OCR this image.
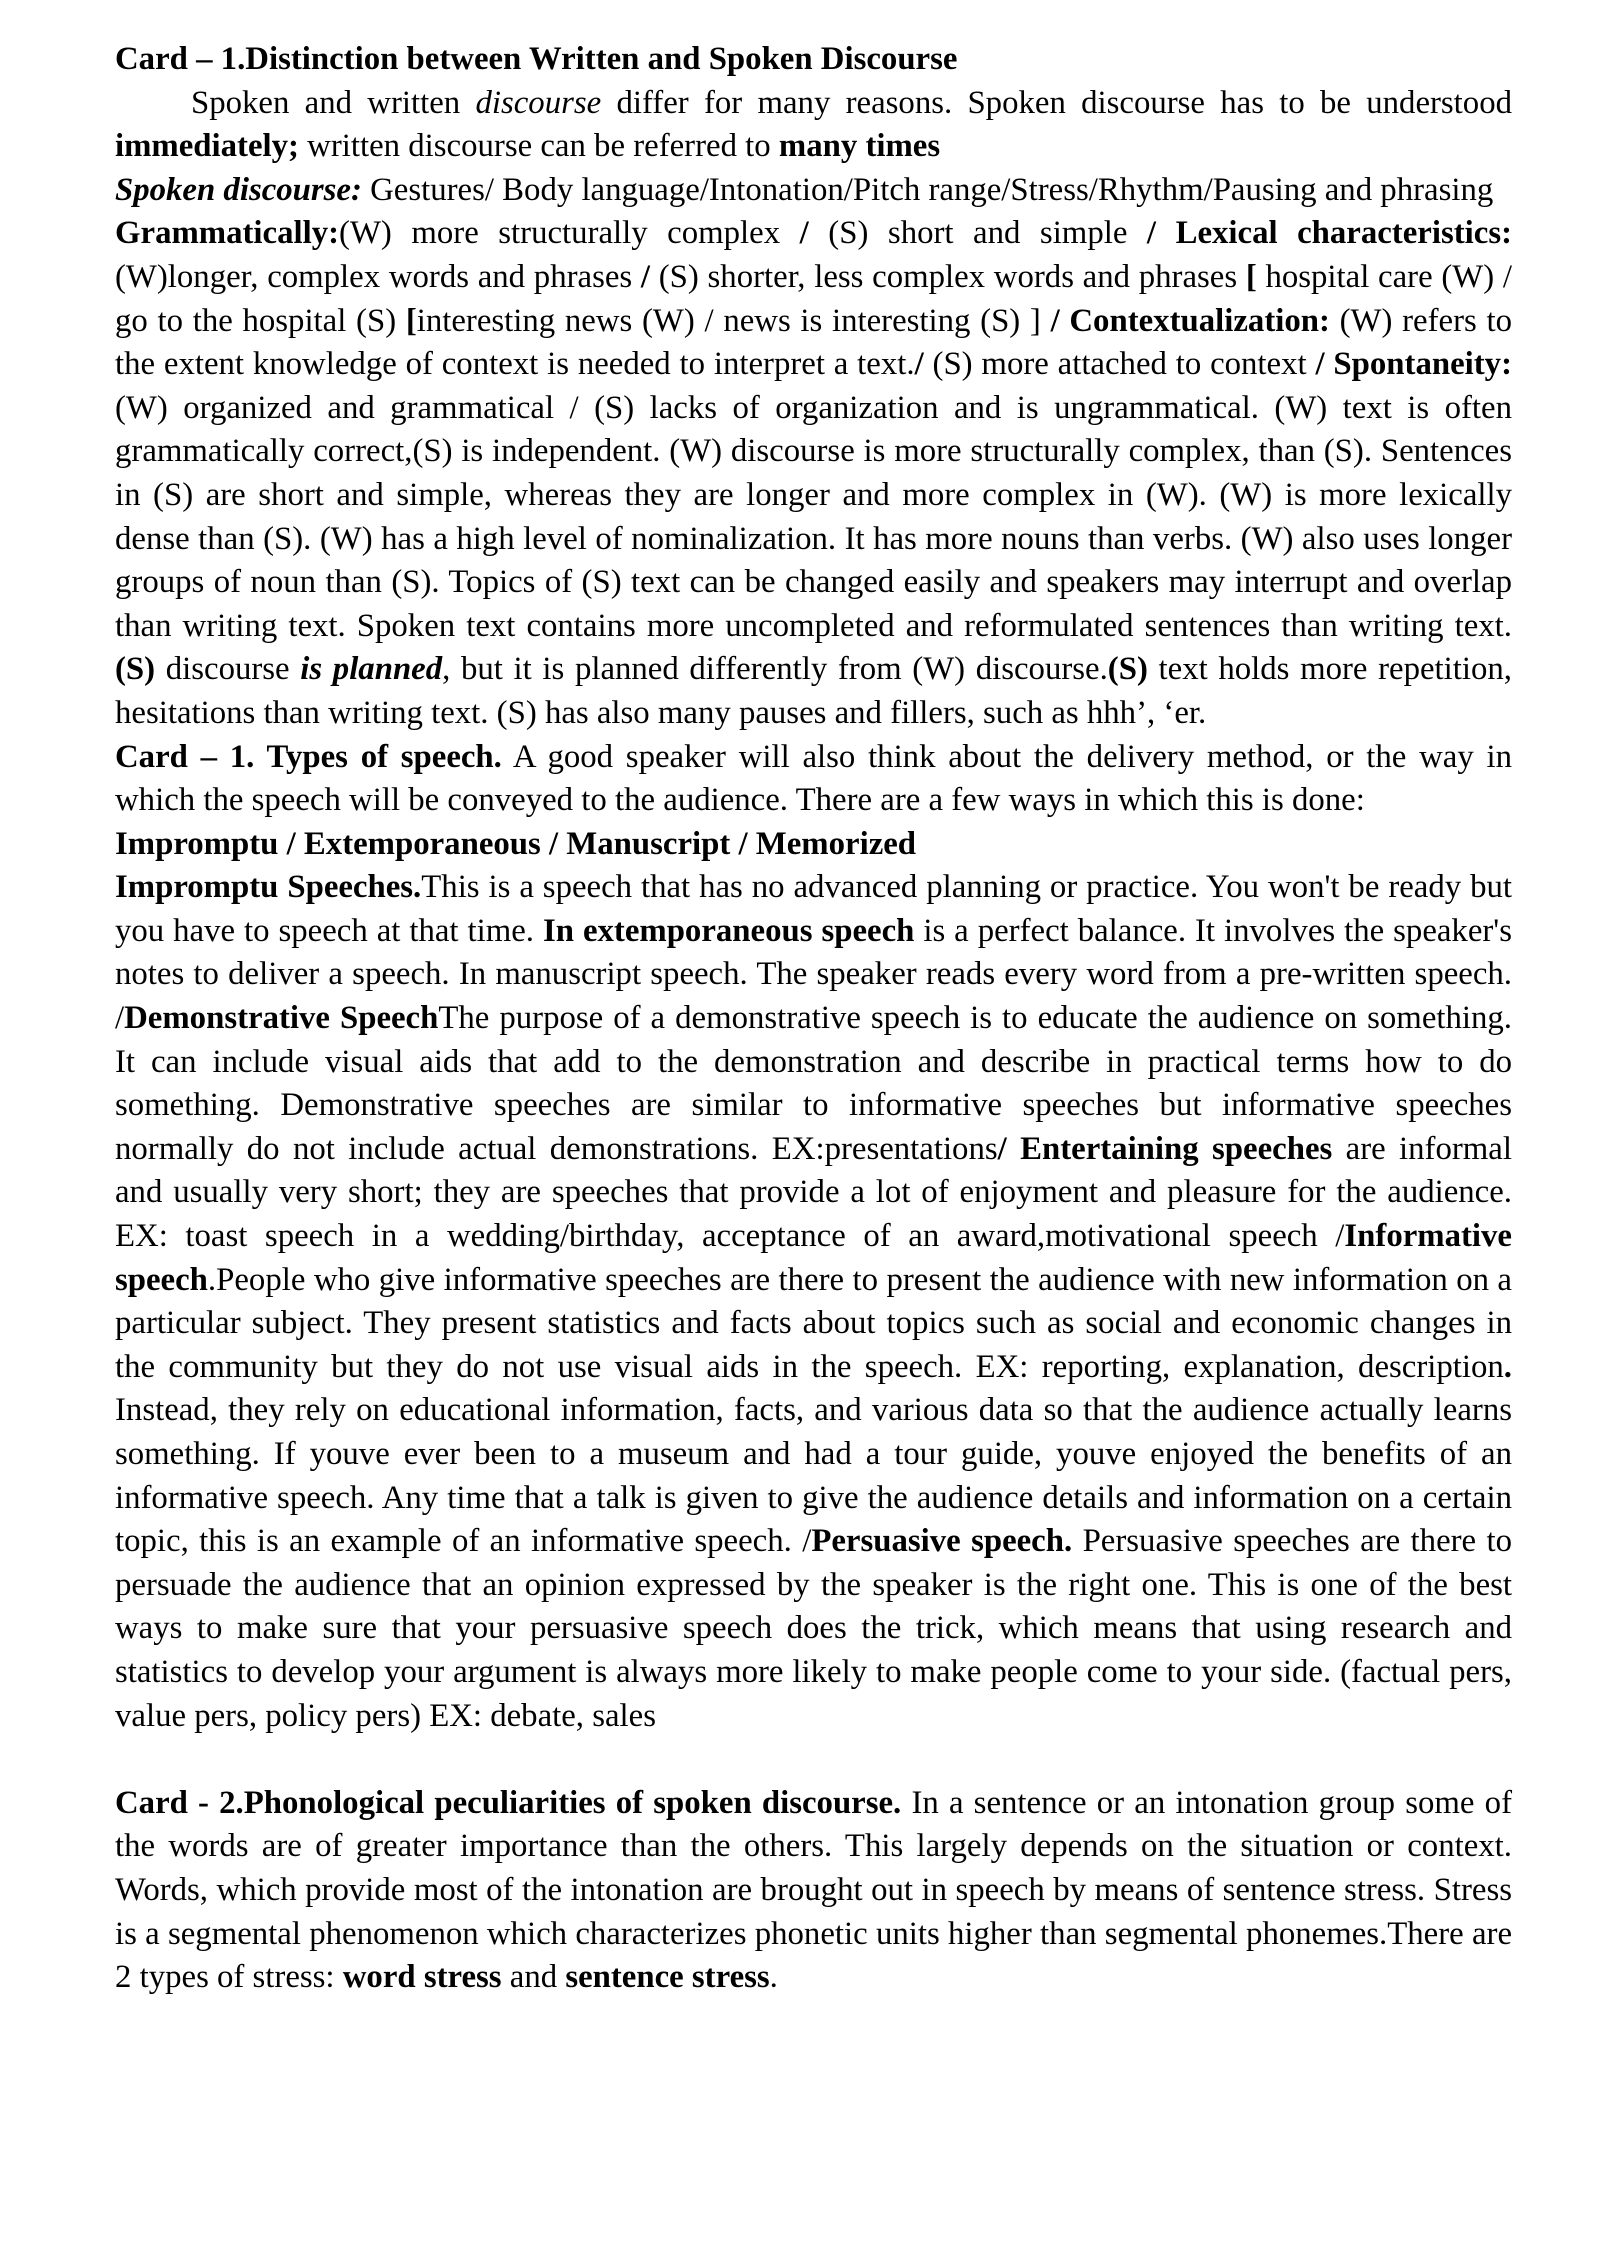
Card – 1.Distinction between Written and Spoken Discourse

Spoken and written discourse differ for many reasons. Spoken discourse has to be understood immediately; written discourse can be referred to many times

Spoken discourse: Gestures/ Body language/Intonation/Pitch range/Stress/Rhythm/Pausing and phrasing

Grammatically:(W) more structurally complex / (S) short and simple / Lexical characteristics: (W)longer, complex words and phrases / (S) shorter, less complex words and phrases [ hospital care (W) / go to the hospital (S) [interesting news (W) / news is interesting (S) ] / Contextualization: (W) refers to the extent knowledge of context is needed to interpret a text./ (S) more attached to context / Spontaneity: (W) organized and grammatical / (S) lacks of organization and is ungrammatical. (W) text is often grammatically correct,(S) is independent. (W) discourse is more structurally complex, than (S). Sentences in (S) are short and simple, whereas they are longer and more complex in (W). (W) is more lexically dense than (S). (W) has a high level of nominalization. It has more nouns than verbs. (W) also uses longer groups of noun than (S). Topics of (S) text can be changed easily and speakers may interrupt and overlap than writing text. Spoken text contains more uncompleted and reformulated sentences than writing text.(S) discourse is planned, but it is planned differently from (W) discourse.(S) text holds more repetition, hesitations than writing text. (S) has also many pauses and fillers, such as hhh’, ‘er.

Card – 1. Types of speech. A good speaker will also think about the delivery method, or the way in which the speech will be conveyed to the audience. There are a few ways in which this is done:

Impromptu / Extemporaneous / Manuscript / Memorized

Impromptu Speeches.This is a speech that has no advanced planning or practice. You won't be ready but you have to speech at that time. In extemporaneous speech is a perfect balance. It involves the speaker's notes to deliver a speech. In manuscript speech. The speaker reads every word from a pre-written speech. /Demonstrative SpeechThe purpose of a demonstrative speech is to educate the audience on something. It can include visual aids that add to the demonstration and describe in practical terms how to do something. Demonstrative speeches are similar to informative speeches but informative speeches normally do not include actual demonstrations. EX:presentations/ Entertaining speeches are informal and usually very short; they are speeches that provide a lot of enjoyment and pleasure for the audience. EX: toast speech in a wedding/birthday, acceptance of an award,motivational speech /Informative speech.People who give informative speeches are there to present the audience with new information on a particular subject. They present statistics and facts about topics such as social and economic changes in the community but they do not use visual aids in the speech. EX: reporting, explanation, description. Instead, they rely on educational information, facts, and various data so that the audience actually learns something. If youve ever been to a museum and had a tour guide, youve enjoyed the benefits of an informative speech. Any time that a talk is given to give the audience details and information on a certain topic, this is an example of an informative speech. /Persuasive speech. Persuasive speeches are there to persuade the audience that an opinion expressed by the speaker is the right one. This is one of the best ways to make sure that your persuasive speech does the trick, which means that using research and statistics to develop your argument is always more likely to make people come to your side. (factual pers, value pers, policy pers) EX: debate, sales

Card - 2.Phonological peculiarities of spoken discourse. In a sentence or an intonation group some of the words are of greater importance than the others. This largely depends on the situation or context. Words, which provide most of the intonation are brought out in speech by means of sentence stress. Stress is a segmental phenomenon which characterizes phonetic units higher than segmental phonemes.There are 2 types of stress: word stress and sentence stress.
